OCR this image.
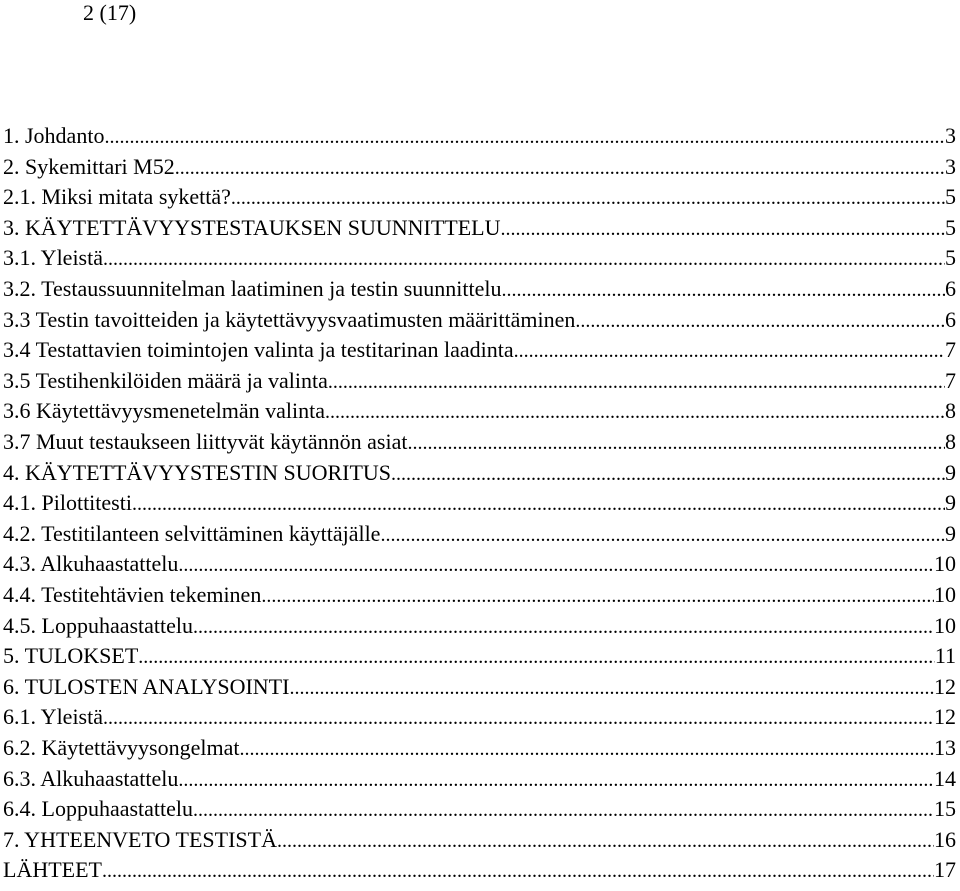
2 (17)
1. Johdanto .....	3
2. Sykemittari M52 .....	3
2.1. Miksi mitata sykettä? .....	5
3. KÄYTETTÄVYYSTESTAUKSEN SUUNNITTELU .....	5
3.1. Yleistä .....	5
3.2. Testaussuunnitelman laatiminen ja testin suunnittelu .....	6
3.3 Testin tavoitteiden ja käytettävyysvaatimusten määrittäminen .....	6
3.4 Testattavien toimintojen valinta ja testitarinan laadinta .....	7
3.5 Testihenkilöiden määrä ja valinta .....	7
3.6 Käytettävyysmenetelmän valinta .....	8
3.7 Muut testaukseen liittyvät käytännön asiat .....	8
4. KÄYTETTÄVYYSTESTIN SUORITUS .....	9
4.1. Pilottitesti .....	9
4.2. Testitilanteen selvittäminen käyttäjälle .....	9
4.3. Alkuhaastattelu .....	10
4.4. Testitehtävien tekeminen .....	10
4.5. Loppuhaastattelu .....	10
5. TULOKSET .....	11
6. TULOSTEN ANALYSOINTI .....	12
6.1. Yleistä .....	12
6.2. Käytettävyysongelmat .....	13
6.3. Alkuhaastattelu .....	14
6.4. Loppuhaastattelu .....	15
7. YHTEENVETO TESTISTÄ .....	16
LÄHTEET .....	17
